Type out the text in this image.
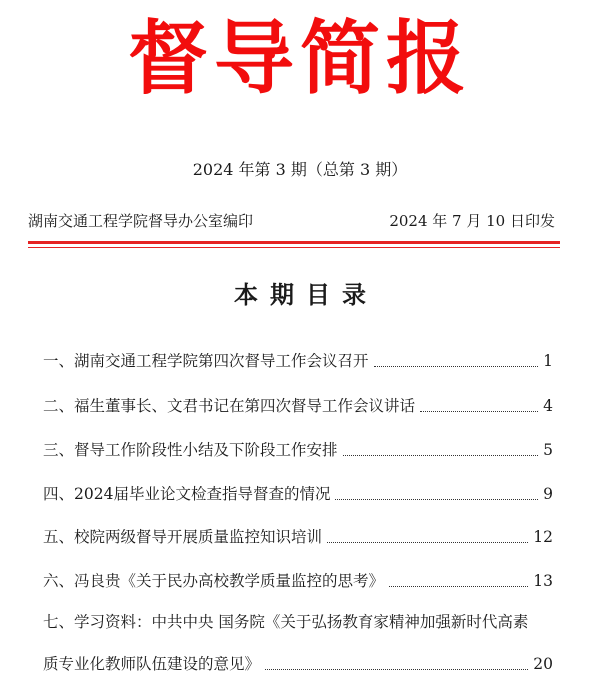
督导简报
2024 年第 3 期（总第 3 期）
湖南交通工程学院督导办公室编印	2024 年 7 月 10 日印发
本 期 目 录
一、湖南交通工程学院第四次督导工作会议召开	1
二、福生董事长、文君书记在第四次督导工作会议讲话	4
三、督导工作阶段性小结及下阶段工作安排	5
四、2024届毕业论文检查指导督查的情况	9
五、校院两级督导开展质量监控知识培训	12
六、冯良贵《关于民办高校教学质量监控的思考》	13
七、学习资料：中共中央 国务院《关于弘扬教育家精神加强新时代高素
质专业化教师队伍建设的意见》	20
